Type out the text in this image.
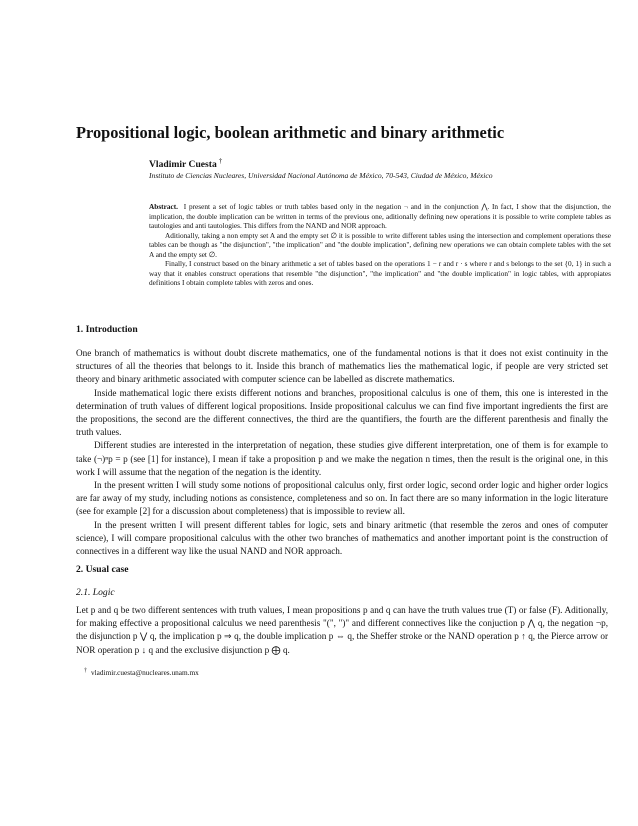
Propositional logic, boolean arithmetic and binary arithmetic
Vladimir Cuesta †
Instituto de Ciencias Nucleares, Universidad Nacional Autónoma de México, 70-543, Ciudad de México, México

Abstract. I present a set of logic tables or truth tables based only in the negation ¬ and in the conjunction ⋀. In fact, I show that the disjunction, the implication, the double implication can be written in terms of the previous one, aditionally defining new operations it is possible to write complete tables as tautologies and anti tautologies. This differs from the NAND and NOR approach.

Aditionally, taking a non empty set A and the empty set ∅ it is possible to write different tables using the intersection and complement operations these tables can be though as "the disjunction", "the implication" and "the double implication", defining new operations we can obtain complete tables with the set A and the empty set ∅.

Finally, I construct based on the binary arithmetic a set of tables based on the operations 1 − r and r · s where r and s belongs to the set {0, 1} in such a way that it enables construct operations that resemble "the disjunction", "the implication" and "the double implication" in logic tables, with appropiates definitions I obtain complete tables with zeros and ones.

1. Introduction

One branch of mathematics is without doubt discrete mathematics, one of the fundamental notions is that it does not exist continuity in the structures of all the theories that belongs to it. Inside this branch of mathematics lies the mathematical logic, if people are very stricted set theory and binary arithmetic associated with computer science can be labelled as discrete mathematics.

Inside mathematical logic there exists different notions and branches, propositional calculus is one of them, this one is interested in the determination of truth values of different logical propositions. Inside propositional calculus we can find five important ingredients the first are the propositions, the second are the different connectives, the third are the quantifiers, the fourth are the different parenthesis and finally the truth values.

Different studies are interested in the interpretation of negation, these studies give different interpretation, one of them is for example to take (¬)ⁿp = p (see [1] for instance), I mean if take a proposition p and we make the negation n times, then the result is the original one, in this work I will assume that the negation of the negation is the identity.

In the present written I will study some notions of propositional calculus only, first order logic, second order logic and higher order logics are far away of my study, including notions as consistence, completeness and so on. In fact there are so many information in the logic literature (see for example [2] for a discussion about completeness) that is impossible to review all.

In the present written I will present different tables for logic, sets and binary aritmetic (that resemble the zeros and ones of computer science), I will compare propositional calculus with the other two branches of mathematics and another important point is the construction of connectives in a different way like the usual NAND and NOR approach.

2. Usual case
2.1. Logic

Let p and q be two different sentences with truth values, I mean propositions p and q can have the truth values true (T) or false (F). Aditionally, for making effective a propositional calculus we need parenthesis "(", ")" and different connectives like the conjuction p ⋀ q, the negation ¬p, the disjunction p ⋁ q, the implication p ⇒ q, the double implication p ⇔ q, the Sheffer stroke or the NAND operation p ↑ q, the Pierce arrow or NOR operation p ↓ q and the exclusive disjunction p ⨁ q.

† vladimir.cuesta@nucleares.unam.mx
